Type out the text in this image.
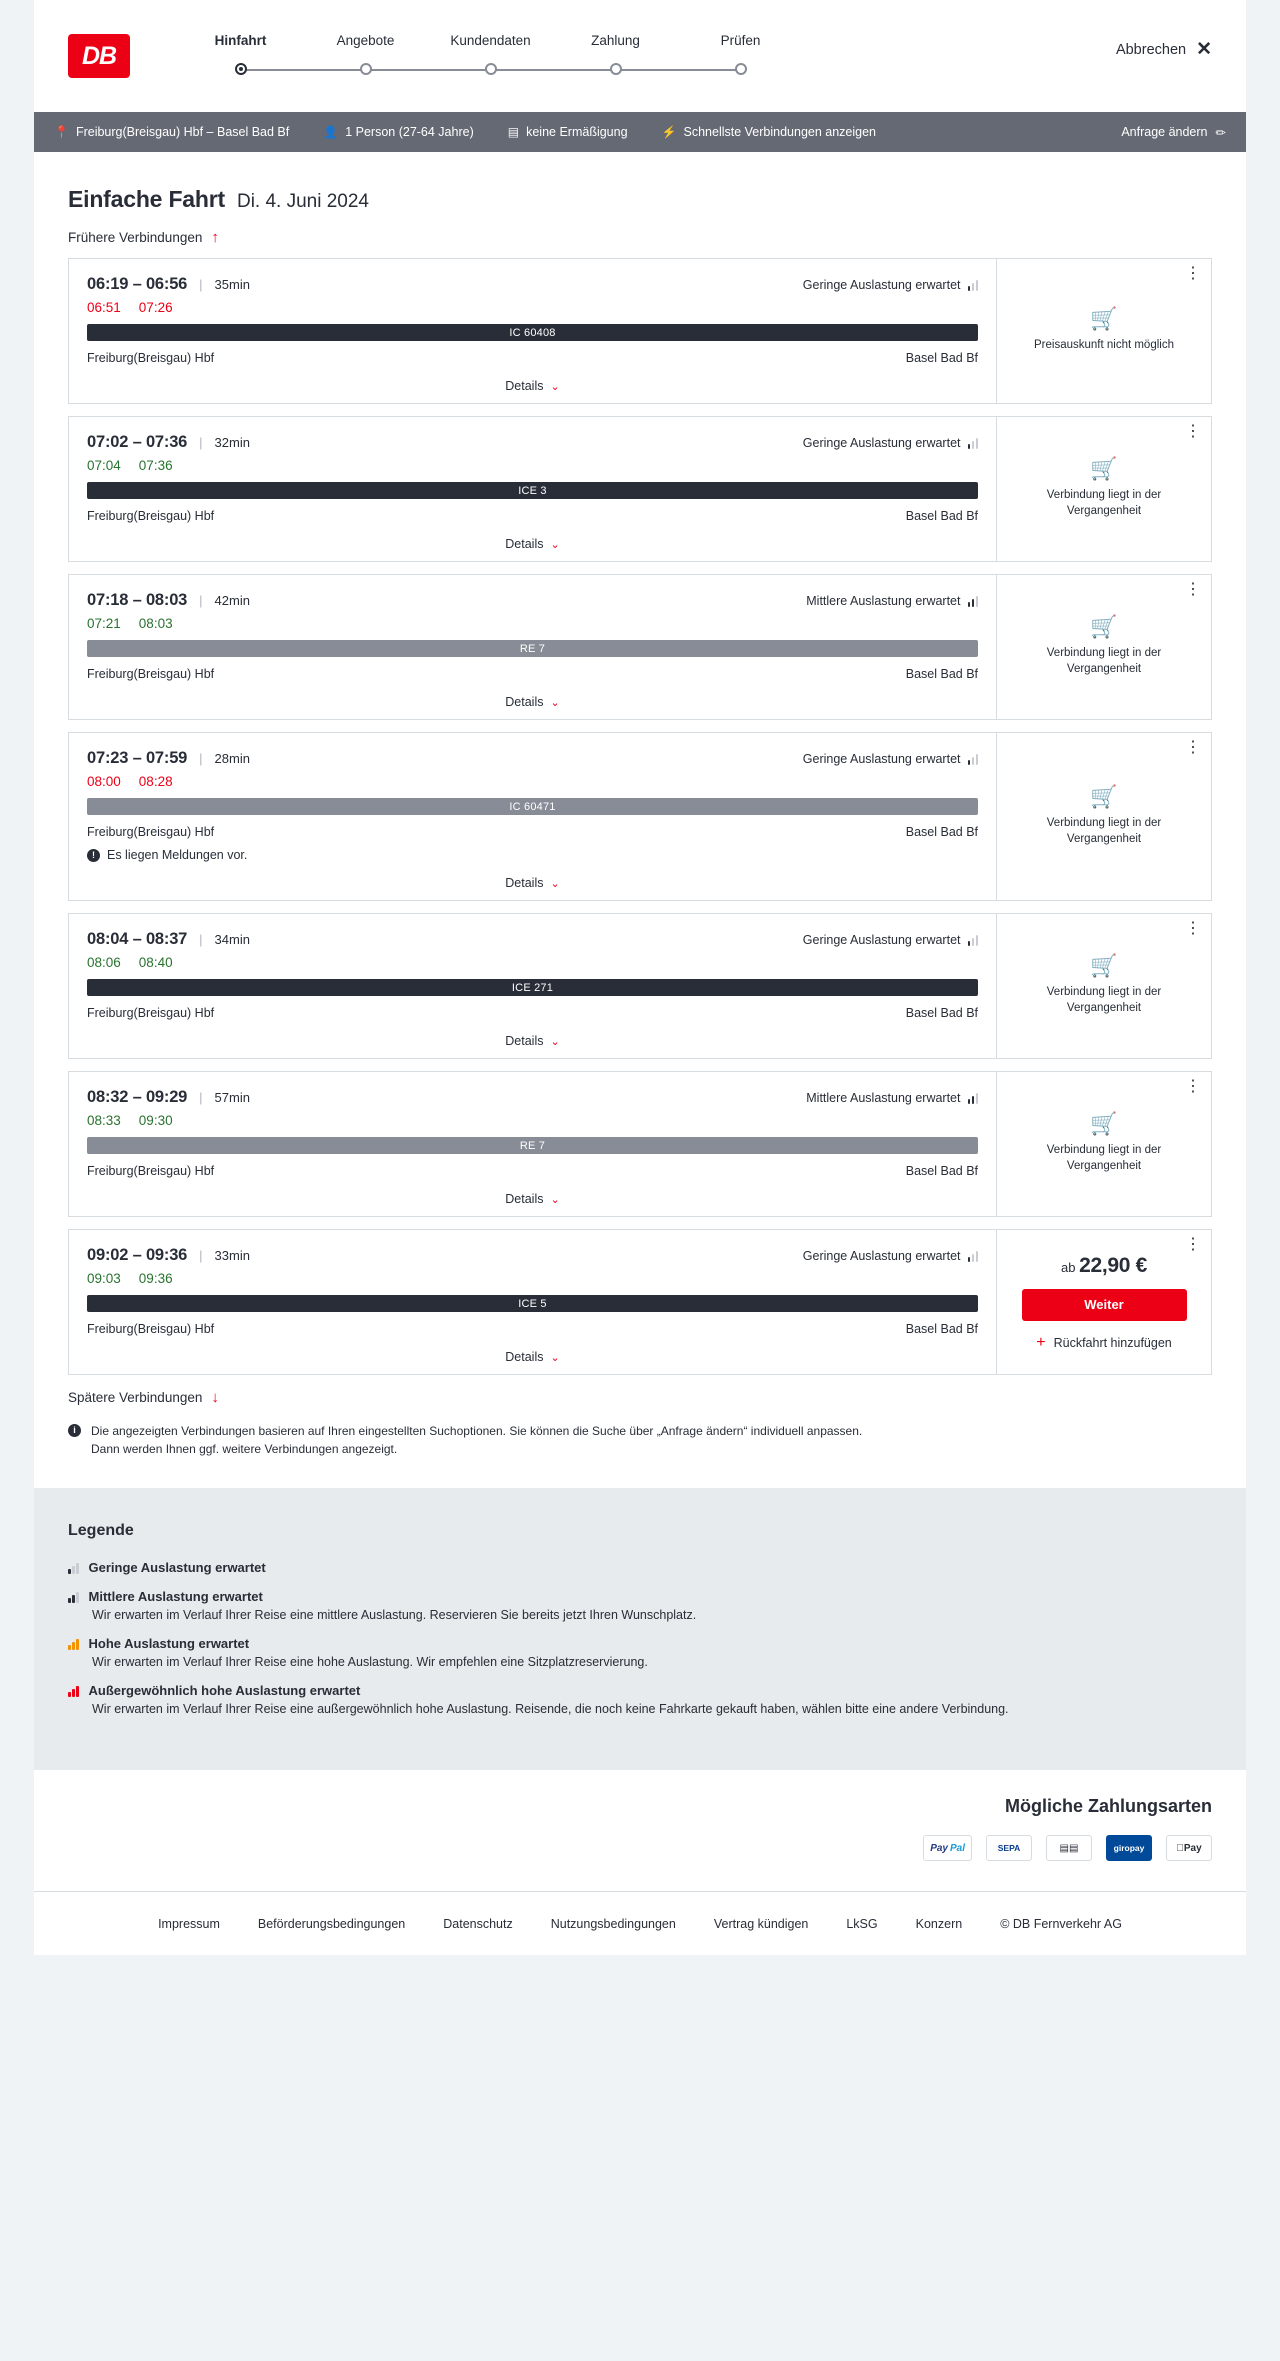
DB
Hinfahrt	Angebote	Kundendaten	Zahlung	Prüfen
Abbrechen ✕
📍 Freiburg(Breisgau) Hbf – Basel Bad Bf	👤 1 Person (27-64 Jahre)	▤ keine Ermäßigung	⚡ Schnellste Verbindungen anzeigen	Anfrage ändern ✏
Einfache Fahrt Di. 4. Juni 2024
Frühere Verbindungen ↑
06:19 – 06:56 | 35min	Geringe Auslastung erwartet
06:51 07:26
IC 60408
Freiburg(Breisgau) Hbf	Basel Bad Bf
Details ⌄
⋮
🛒
Preisauskunft nicht möglich
07:02 – 07:36 | 32min	Geringe Auslastung erwartet
07:04 07:36
ICE 3
Freiburg(Breisgau) Hbf	Basel Bad Bf
Details ⌄
⋮
🛒
Verbindung liegt in der Vergangenheit
07:18 – 08:03 | 42min	Mittlere Auslastung erwartet
07:21 08:03
RE 7
Freiburg(Breisgau) Hbf	Basel Bad Bf
Details ⌄
⋮
🛒
Verbindung liegt in der Vergangenheit
07:23 – 07:59 | 28min	Geringe Auslastung erwartet
08:00 08:28
IC 60471
Freiburg(Breisgau) Hbf	Basel Bad Bf
! Es liegen Meldungen vor.
Details ⌄
⋮
🛒
Verbindung liegt in der Vergangenheit
08:04 – 08:37 | 34min	Geringe Auslastung erwartet
08:06 08:40
ICE 271
Freiburg(Breisgau) Hbf	Basel Bad Bf
Details ⌄
⋮
🛒
Verbindung liegt in der Vergangenheit
08:32 – 09:29 | 57min	Mittlere Auslastung erwartet
08:33 09:30
RE 7
Freiburg(Breisgau) Hbf	Basel Bad Bf
Details ⌄
⋮
🛒
Verbindung liegt in der Vergangenheit
09:02 – 09:36 | 33min	Geringe Auslastung erwartet
09:03 09:36
ICE 5
Freiburg(Breisgau) Hbf	Basel Bad Bf
Details ⌄
⋮
ab 22,90 €
Weiter
+ Rückfahrt hinzufügen
Spätere Verbindungen ↓
i	Die angezeigten Verbindungen basieren auf Ihren eingestellten Suchoptionen. Sie können die Suche über „Anfrage ändern“ individuell anpassen. Dann werden Ihnen ggf. weitere Verbindungen angezeigt.
Legende
Geringe Auslastung erwartet
Mittlere Auslastung erwartet
Wir erwarten im Verlauf Ihrer Reise eine mittlere Auslastung. Reservieren Sie bereits jetzt Ihren Wunschplatz.
Hohe Auslastung erwartet
Wir erwarten im Verlauf Ihrer Reise eine hohe Auslastung. Wir empfehlen eine Sitzplatzreservierung.
Außergewöhnlich hohe Auslastung erwartet
Wir erwarten im Verlauf Ihrer Reise eine außergewöhnlich hohe Auslastung. Reisende, die noch keine Fahrkarte gekauft haben, wählen bitte eine andere Verbindung.
Mögliche Zahlungsarten
Pay Pal	SEPA	▤▤	giropay	Pay
Impressum	Beförderungsbedingungen	Datenschutz	Nutzungsbedingungen	Vertrag kündigen	LkSG	Konzern	© DB Fernverkehr AG
